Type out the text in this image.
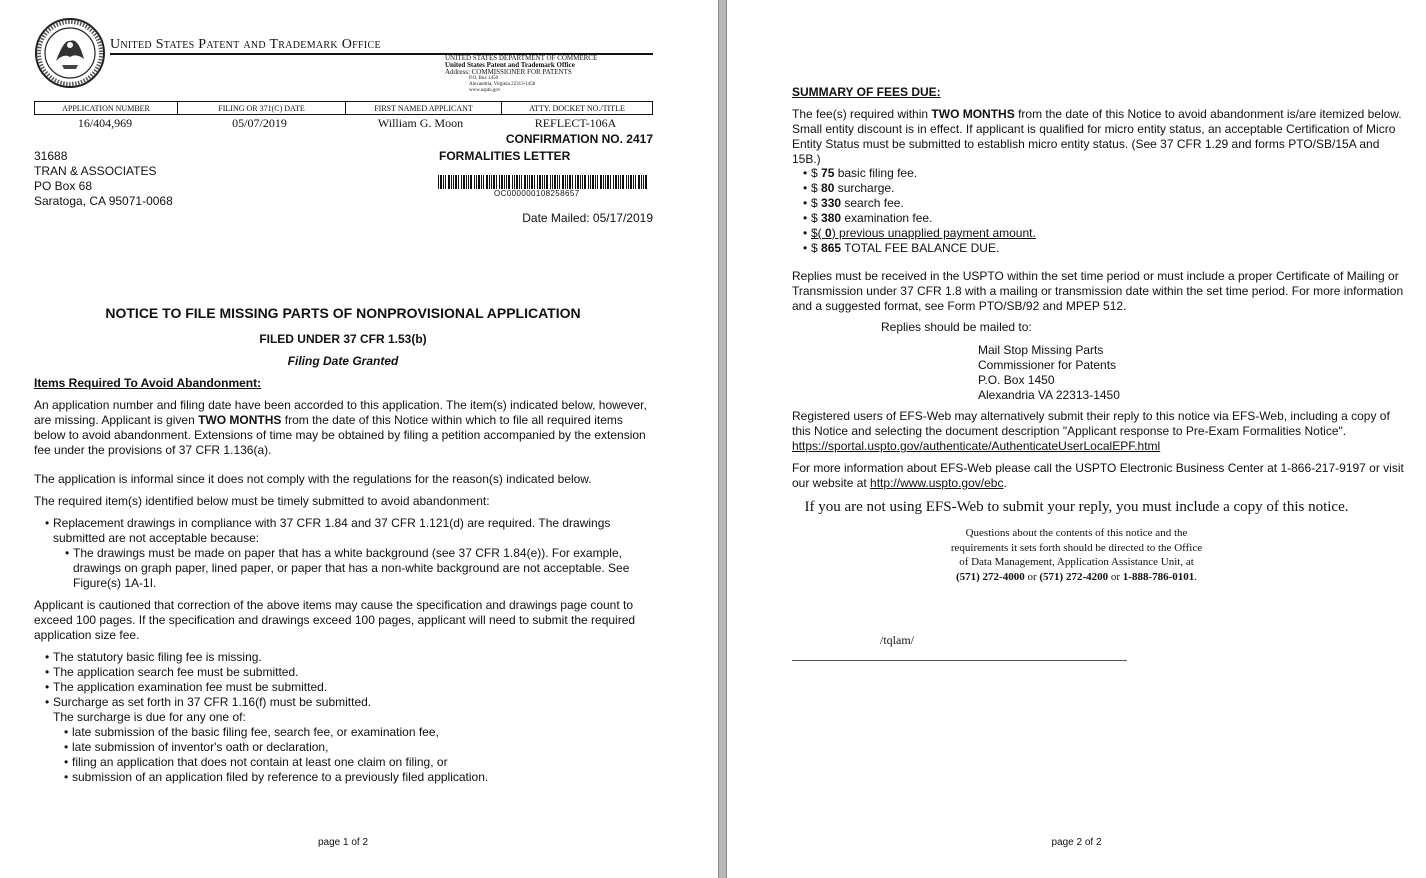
United States Patent and Trademark Office
UNITED STATES DEPARTMENT OF COMMERCE
United States Patent and Trademark Office
Address: COMMISSIONER FOR PATENTS
P.O. Box 1450
Alexandria, Virginia 22313-1450
www.uspto.gov
APPLICATION NUMBER	FILING OR 371(C) DATE	FIRST NAMED APPLICANT	ATTY. DOCKET NO./TITLE
16/404,969	05/07/2019	William G. Moon	REFLECT-106A
CONFIRMATION NO. 2417
31688
TRAN & ASSOCIATES
PO Box 68
Saratoga, CA 95071-0068
FORMALITIES LETTER
OC000000108258657
Date Mailed: 05/17/2019
NOTICE TO FILE MISSING PARTS OF NONPROVISIONAL APPLICATION
FILED UNDER 37 CFR 1.53(b)
Filing Date Granted
Items Required To Avoid Abandonment:
An application number and filing date have been accorded to this application. The item(s) indicated below, however, are missing. Applicant is given TWO MONTHS from the date of this Notice within which to file all required items below to avoid abandonment. Extensions of time may be obtained by filing a petition accompanied by the extension fee under the provisions of 37 CFR 1.136(a).
The application is informal since it does not comply with the regulations for the reason(s) indicated below.
The required item(s) identified below must be timely submitted to avoid abandonment:
• Replacement drawings in compliance with 37 CFR 1.84 and 37 CFR 1.121(d) are required. The drawings submitted are not acceptable because:
• The drawings must be made on paper that has a white background (see 37 CFR 1.84(e)). For example, drawings on graph paper, lined paper, or paper that has a non-white background are not acceptable. See Figure(s) 1A-1I.
Applicant is cautioned that correction of the above items may cause the specification and drawings page count to exceed 100 pages. If the specification and drawings exceed 100 pages, applicant will need to submit the required application size fee.
• The statutory basic filing fee is missing.
• The application search fee must be submitted.
• The application examination fee must be submitted.
• Surcharge as set forth in 37 CFR 1.16(f) must be submitted.
The surcharge is due for any one of:
• late submission of the basic filing fee, search fee, or examination fee,
• late submission of inventor's oath or declaration,
• filing an application that does not contain at least one claim on filing, or
• submission of an application filed by reference to a previously filed application.
page 1 of 2
SUMMARY OF FEES DUE:
The fee(s) required within TWO MONTHS from the date of this Notice to avoid abandonment is/are itemized below. Small entity discount is in effect. If applicant is qualified for micro entity status, an acceptable Certification of Micro Entity Status must be submitted to establish micro entity status. (See 37 CFR 1.29 and forms PTO/SB/15A and 15B.)
• $ 75 basic filing fee.
• $ 80 surcharge.
• $ 330 search fee.
• $ 380 examination fee.
• $( 0) previous unapplied payment amount.
• $ 865 TOTAL FEE BALANCE DUE.
Replies must be received in the USPTO within the set time period or must include a proper Certificate of Mailing or Transmission under 37 CFR 1.8 with a mailing or transmission date within the set time period. For more information and a suggested format, see Form PTO/SB/92 and MPEP 512.
Replies should be mailed to:
Mail Stop Missing Parts
Commissioner for Patents
P.O. Box 1450
Alexandria VA 22313-1450
Registered users of EFS-Web may alternatively submit their reply to this notice via EFS-Web, including a copy of this Notice and selecting the document description "Applicant response to Pre-Exam Formalities Notice".
https://sportal.uspto.gov/authenticate/AuthenticateUserLocalEPF.html
For more information about EFS-Web please call the USPTO Electronic Business Center at 1-866-217-9197 or visit our website at http://www.uspto.gov/ebc.
If you are not using EFS-Web to submit your reply, you must include a copy of this notice.
Questions about the contents of this notice and the
requirements it sets forth should be directed to the Office
of Data Management, Application Assistance Unit, at
(571) 272-4000 or (571) 272-4200 or 1-888-786-0101.
/tqlam/
page 2 of 2
